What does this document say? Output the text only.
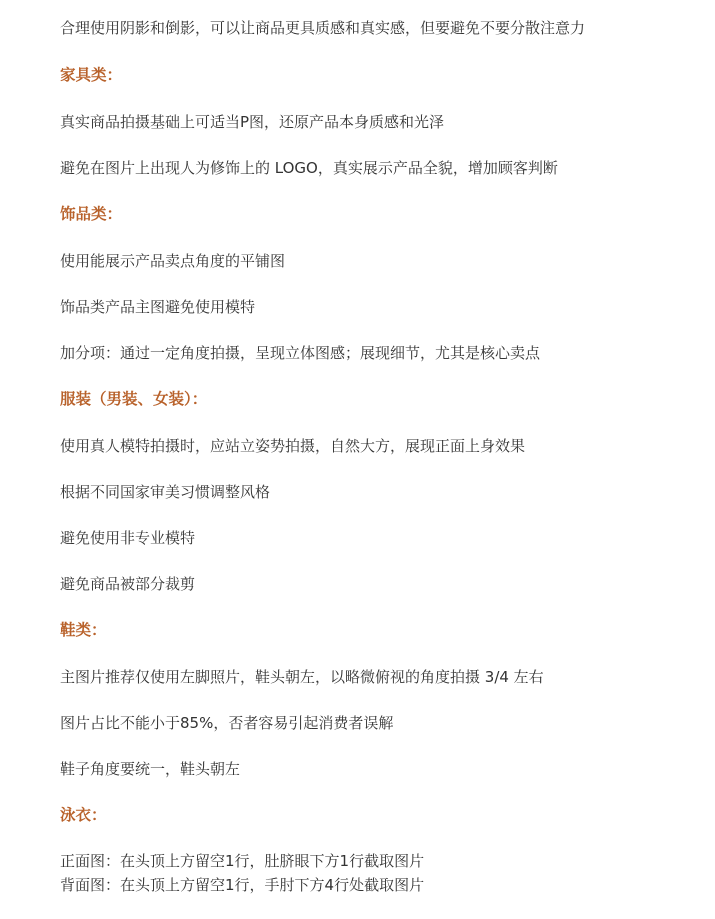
合理使用阴影和倒影，可以让商品更具质感和真实感，但要避免不要分散注意力
家具类：
真实商品拍摄基础上可适当P图，还原产品本身质感和光泽
避免在图片上出现人为修饰上的 LOGO，真实展示产品全貌，增加顾客判断
饰品类：
使用能展示产品卖点角度的平铺图
饰品类产品主图避免使用模特
加分项：通过一定角度拍摄，呈现立体图感；展现细节，尤其是核心卖点
服装（男装、女装）：
使用真人模特拍摄时，应站立姿势拍摄，自然大方，展现正面上身效果
根据不同国家审美习惯调整风格
避免使用非专业模特
避免商品被部分裁剪
鞋类：
主图片推荐仅使用左脚照片，鞋头朝左，以略微俯视的角度拍摄 3/4 左右
图片占比不能小于85%，否者容易引起消费者误解
鞋子角度要统一，鞋头朝左
泳衣：
正面图：在头顶上方留空1行，肚脐眼下方1行截取图片
背面图：在头顶上方留空1行，手肘下方4行处截取图片
